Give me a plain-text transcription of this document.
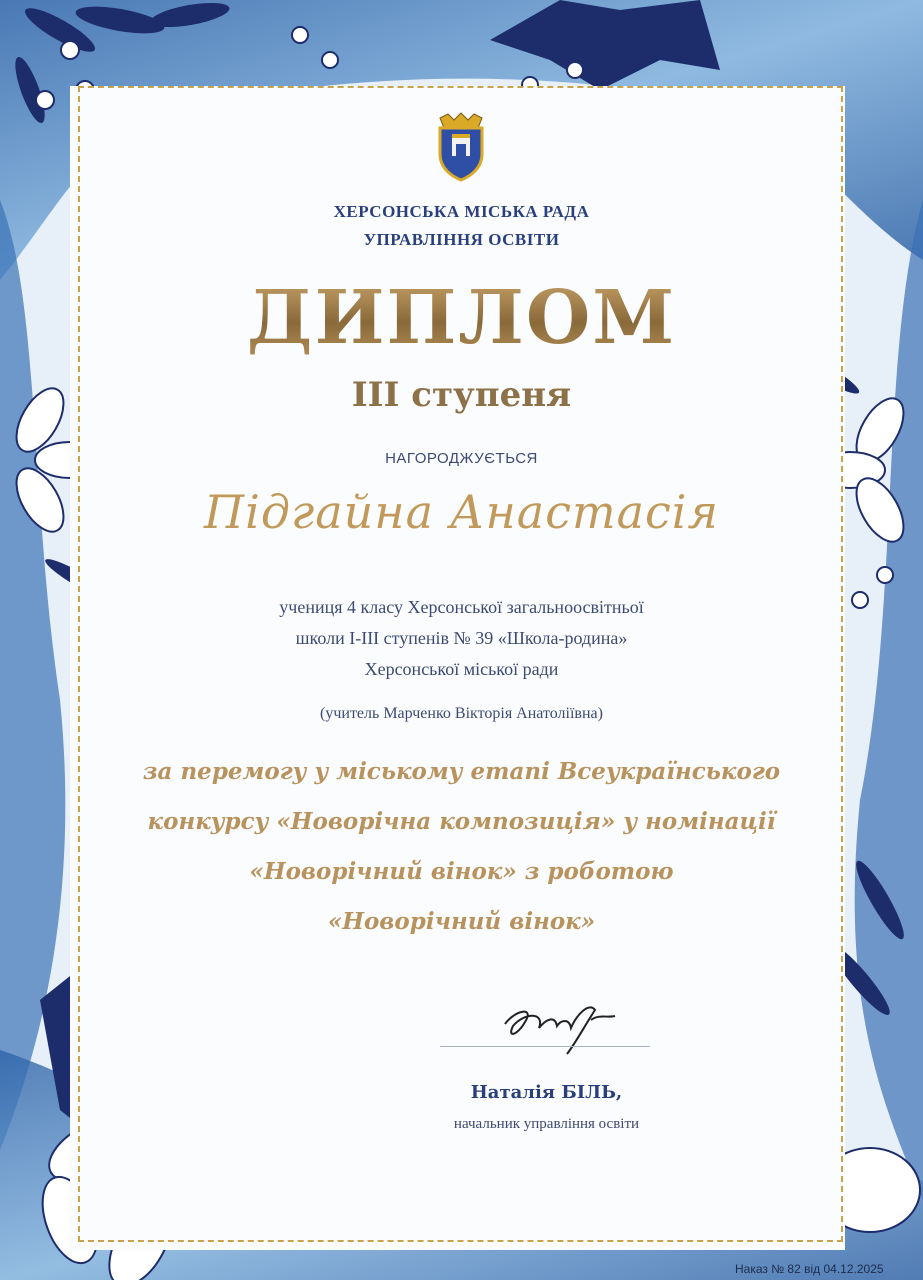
ХЕРСОНСЬКА МІСЬКА РАДА
УПРАВЛІННЯ ОСВІТИ
ДИПЛОМ
ІІІ ступеня
НАГОРОДЖУЄТЬСЯ
Підгайна Анастасія
учениця 4 класу Херсонської загальноосвітньої
школи І-ІІІ ступенів № 39 «Школа-родина»
Херсонської міської ради
(учитель Марченко Вікторія Анатоліївна)
за перемогу у міському етапі Всеукраїнського
конкурсу «Новорічна композиція» у номінації
«Новорічний вінок» з роботою
«Новорічний вінок»
Наталія БІЛЬ,
начальник управління освіти
Наказ № 82 від 04.12.2025
